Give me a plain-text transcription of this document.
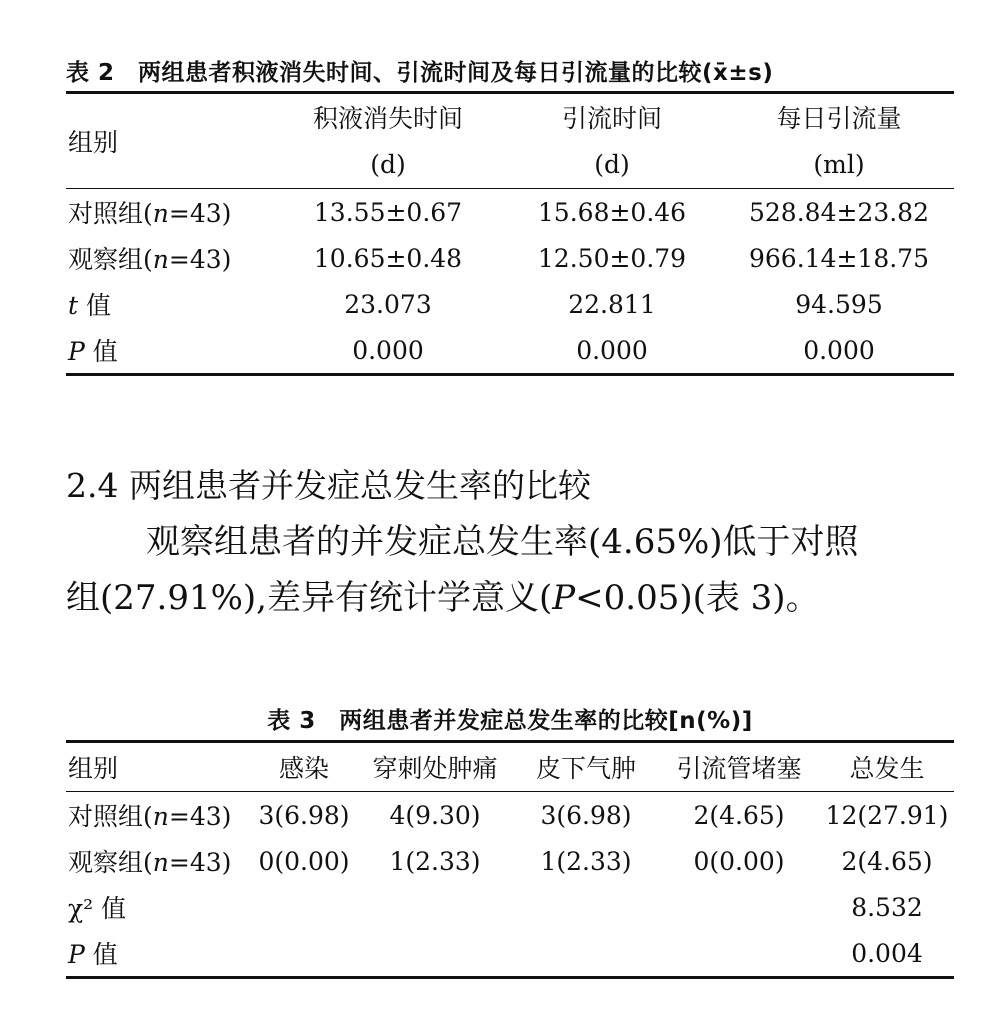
表 2　两组患者积液消失时间、引流时间及每日引流量的比较(x̄±s)
组别	积液消失时间	引流时间	每日引流量
	(d)	(d)	(ml)
对照组(n=43)	13.55±0.67	15.68±0.46	528.84±23.82
观察组(n=43)	10.65±0.48	12.50±0.79	966.14±18.75
t 值	23.073	22.811	94.595
P 值	0.000	0.000	0.000
2.4 两组患者并发症总发生率的比较
观察组患者的并发症总发生率(4.65%)低于对照
组(27.91%),差异有统计学意义(P<0.05)(表 3)。
表 3　两组患者并发症总发生率的比较[n(%)]
组别	感染	穿刺处肿痛	皮下气肿	引流管堵塞	总发生
对照组(n=43)	3(6.98)	4(9.30)	3(6.98)	2(4.65)	12(27.91)
观察组(n=43)	0(0.00)	1(2.33)	1(2.33)	0(0.00)	2(4.65)
χ² 值					8.532
P 值					0.004
